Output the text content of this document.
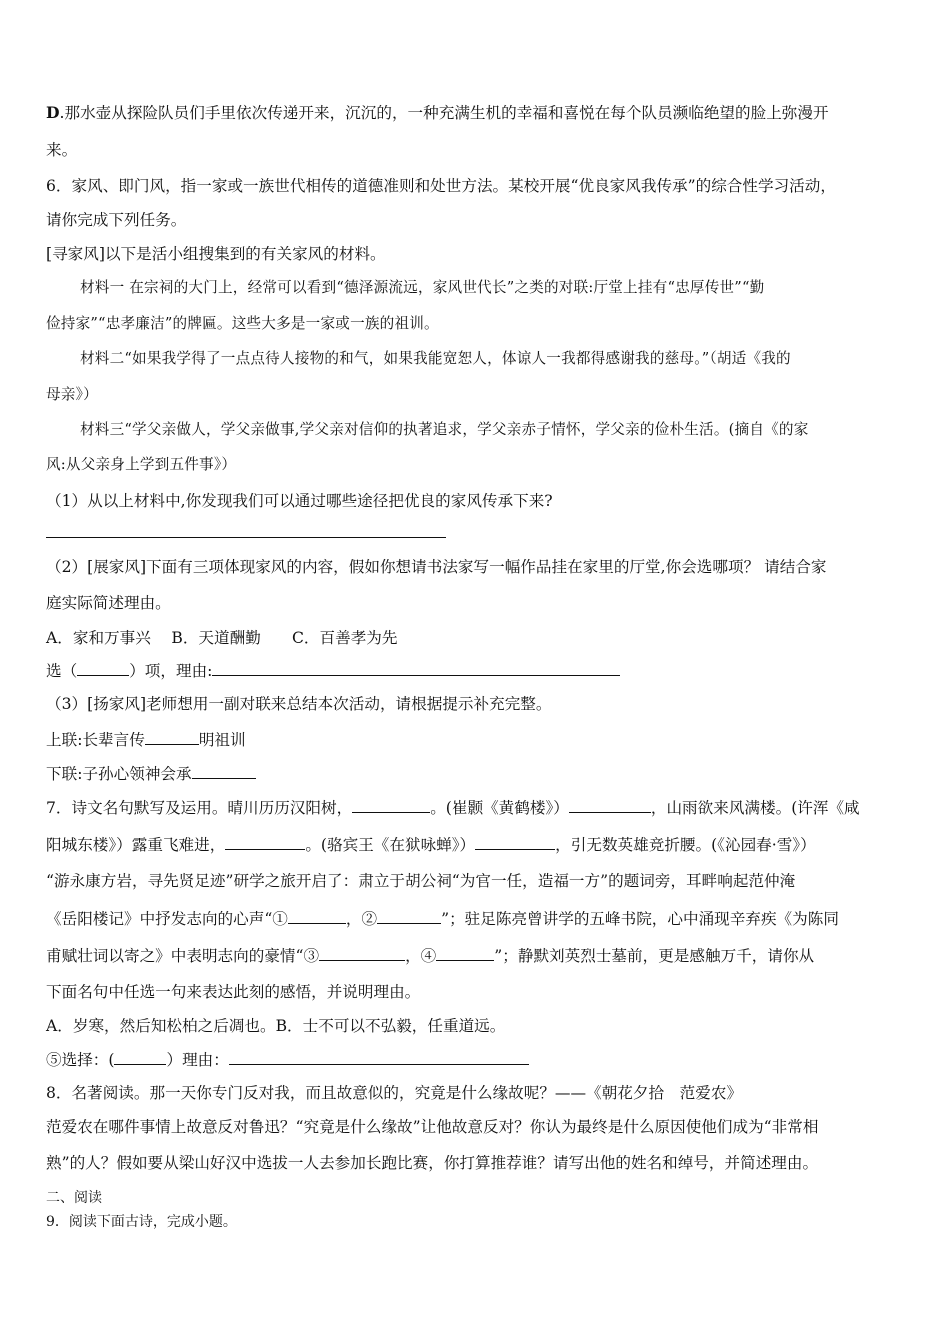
D.那水壶从探险队员们手里依次传递开来，沉沉的，一种充满生机的幸福和喜悦在每个队员濒临绝望的脸上弥漫开
来。
6．家风、即门风，指一家或一族世代相传的道德准则和处世方法。某校开展“优良家风我传承”的综合性学习活动，
请你完成下列任务。
[寻家风]以下是活小组搜集到的有关家风的材料。
材料一 在宗祠的大门上，经常可以看到“德泽源流远，家风世代长”之类的对联:厅堂上挂有“忠厚传世”“勤
俭持家”“忠孝廉洁”的牌匾。这些大多是一家或一族的祖训。
材料二“如果我学得了一点点待人接物的和气，如果我能宽恕人，体谅人一我都得感谢我的慈母。”（胡适《我的
母亲》）
材料三“学父亲做人，学父亲做事,学父亲对信仰的执著追求，学父亲赤子情怀，学父亲的俭朴生活。(摘自《的家
风:从父亲身上学到五件事》）
（1）从以上材料中,你发现我们可以通过哪些途径把优良的家风传承下来?
（2）[展家风]下面有三项体现家风的内容，假如你想请书法家写一幅作品挂在家里的厅堂,你会选哪项？ 请结合家
庭实际简述理由。
A．家和万事兴　 B．天道酬勤　　C．百善孝为先
选（	）项，理由:
（3）[扬家风]老师想用一副对联来总结本次活动，请根据提示补充完整。
上联:长辈言传	明祖训
下联:子孙心领神会承
7．诗文名句默写及运用。晴川历历汉阳树，	。(崔颢《黄鹤楼》）	，山雨欲来风满楼。(许浑《咸
阳城东楼》）露重飞难进，	。(骆宾王《在狱咏蝉》）	，引无数英雄竞折腰。(《沁园春·雪》）
“游永康方岩，寻先贤足迹”研学之旅开启了：肃立于胡公祠“为官一任，造福一方”的题词旁，耳畔响起范仲淹
《岳阳楼记》中抒发志向的心声“①	，②	”；驻足陈亮曾讲学的五峰书院，心中涌现辛弃疾《为陈同
甫赋壮词以寄之》中表明志向的豪情“③	，④	”；静默刘英烈士墓前，更是感触万千，请你从
下面名句中任选一句来表达此刻的感悟，并说明理由。
A．岁寒，然后知松柏之后凋也。B．士不可以不弘毅，任重道远。
⑤选择：(	）理由：
8．名著阅读。那一天你专门反对我，而且故意似的，究竟是什么缘故呢？——《朝花夕拾　范爱农》
范爱农在哪件事情上故意反对鲁迅？“究竟是什么缘故”让他故意反对？你认为最终是什么原因使他们成为“非常相
熟”的人？假如要从梁山好汉中选拔一人去参加长跑比赛，你打算推荐谁？请写出他的姓名和绰号，并简述理由。
二、阅读
9．阅读下面古诗，完成小题。
